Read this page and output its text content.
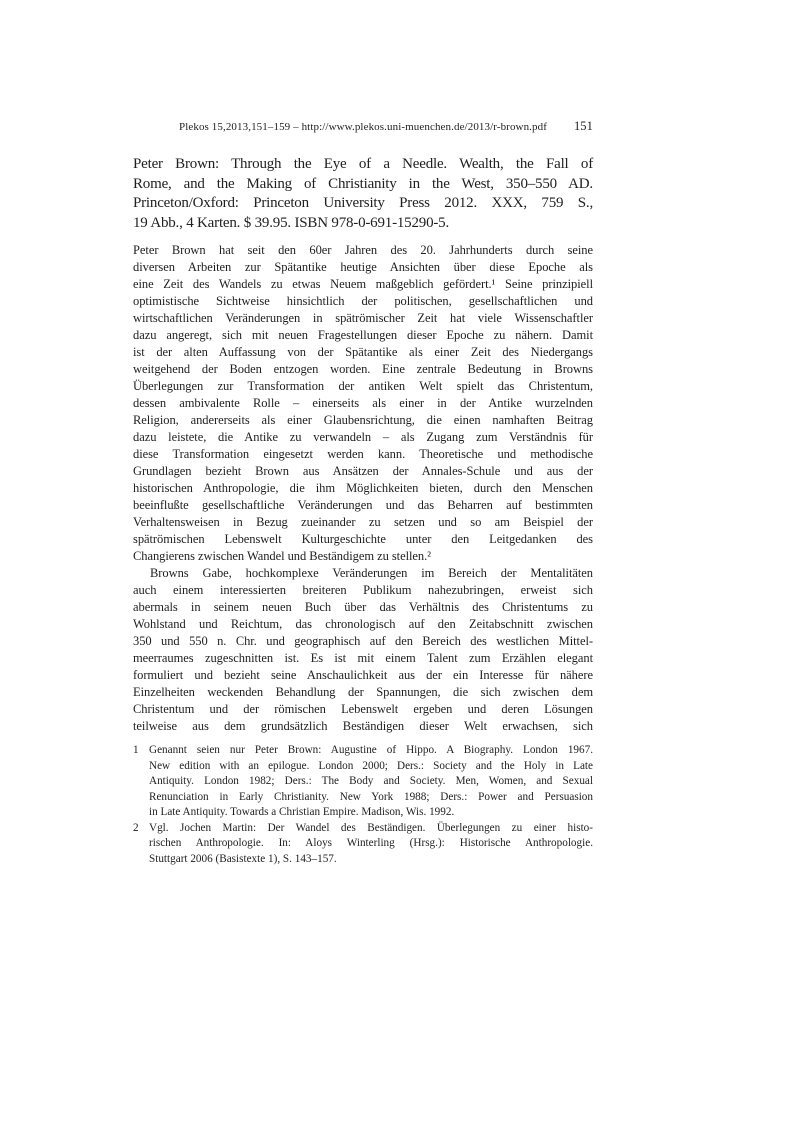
Plekos 15,2013,151–159 – http://www.plekos.uni-muenchen.de/2013/r-brown.pdf 151
Peter Brown: Through the Eye of a Needle. Wealth, the Fall of
Rome, and the Making of Christianity in the West, 350–550 AD.
Princeton/Oxford: Princeton University Press 2012. XXX, 759 S.,
19 Abb., 4 Karten. $ 39.95. ISBN 978-0-691-15290-5.
Peter Brown hat seit den 60er Jahren des 20. Jahrhunderts durch seine
diversen Arbeiten zur Spätantike heutige Ansichten über diese Epoche als
eine Zeit des Wandels zu etwas Neuem maßgeblich gefördert.¹ Seine prinzipiell
optimistische Sichtweise hinsichtlich der politischen, gesellschaftlichen und
wirtschaftlichen Veränderungen in spätrömischer Zeit hat viele Wissenschaftler
dazu angeregt, sich mit neuen Fragestellungen dieser Epoche zu nähern. Damit
ist der alten Auffassung von der Spätantike als einer Zeit des Niedergangs
weitgehend der Boden entzogen worden. Eine zentrale Bedeutung in Browns
Überlegungen zur Transformation der antiken Welt spielt das Christentum,
dessen ambivalente Rolle – einerseits als einer in der Antike wurzelnden
Religion, andererseits als einer Glaubensrichtung, die einen namhaften Beitrag
dazu leistete, die Antike zu verwandeln – als Zugang zum Verständnis für
diese Transformation eingesetzt werden kann. Theoretische und methodische
Grundlagen bezieht Brown aus Ansätzen der Annales-Schule und aus der
historischen Anthropologie, die ihm Möglichkeiten bieten, durch den Menschen
beeinflußte gesellschaftliche Veränderungen und das Beharren auf bestimmten
Verhaltensweisen in Bezug zueinander zu setzen und so am Beispiel der
spätrömischen Lebenswelt Kulturgeschichte unter den Leitgedanken des
Changierens zwischen Wandel und Beständigem zu stellen.²
Browns Gabe, hochkomplexe Veränderungen im Bereich der Mentalitäten
auch einem interessierten breiteren Publikum nahezubringen, erweist sich
abermals in seinem neuen Buch über das Verhältnis des Christentums zu
Wohlstand und Reichtum, das chronologisch auf den Zeitabschnitt zwischen
350 und 550 n. Chr. und geographisch auf den Bereich des westlichen Mittel-
meerraumes zugeschnitten ist. Es ist mit einem Talent zum Erzählen elegant
formuliert und bezieht seine Anschaulichkeit aus der ein Interesse für nähere
Einzelheiten weckenden Behandlung der Spannungen, die sich zwischen dem
Christentum und der römischen Lebenswelt ergeben und deren Lösungen
teilweise aus dem grundsätzlich Beständigen dieser Welt erwachsen, sich
1 Genannt seien nur Peter Brown: Augustine of Hippo. A Biography. London 1967.
New edition with an epilogue. London 2000; Ders.: Society and the Holy in Late
Antiquity. London 1982; Ders.: The Body and Society. Men, Women, and Sexual
Renunciation in Early Christianity. New York 1988; Ders.: Power and Persuasion
in Late Antiquity. Towards a Christian Empire. Madison, Wis. 1992.
2 Vgl. Jochen Martin: Der Wandel des Beständigen. Überlegungen zu einer histo-
rischen Anthropologie. In: Aloys Winterling (Hrsg.): Historische Anthropologie.
Stuttgart 2006 (Basistexte 1), S. 143–157.
